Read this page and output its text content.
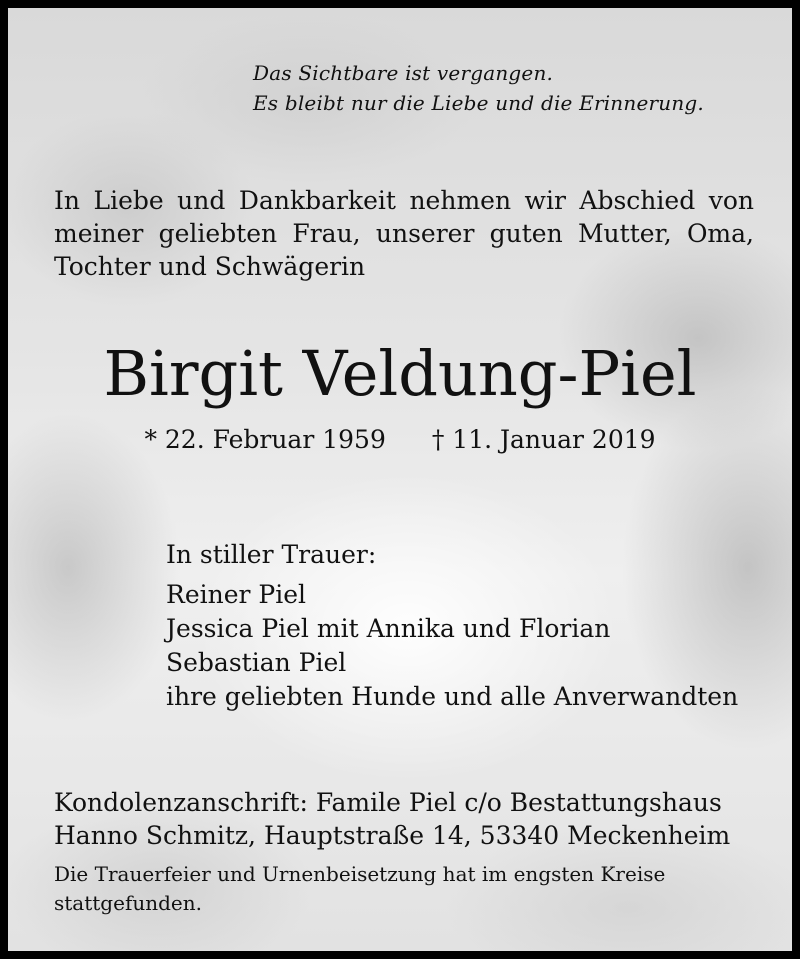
Das Sichtbare ist vergangen.
Es bleibt nur die Liebe und die Erinnerung.
In Liebe und Dankbarkeit nehmen wir Abschied von
meiner geliebten Frau, unserer guten Mutter, Oma,
Tochter und Schwägerin
Birgit Veldung-Piel
* 22. Februar 1959 † 11. Januar 2019
In stiller Trauer:
Reiner Piel
Jessica Piel mit Annika und Florian
Sebastian Piel
ihre geliebten Hunde und alle Anverwandten
Kondolenzanschrift: Famile Piel c/o Bestattungshaus
Hanno Schmitz, Hauptstraße 14, 53340 Meckenheim
Die Trauerfeier und Urnenbeisetzung hat im engsten Kreise
stattgefunden.
